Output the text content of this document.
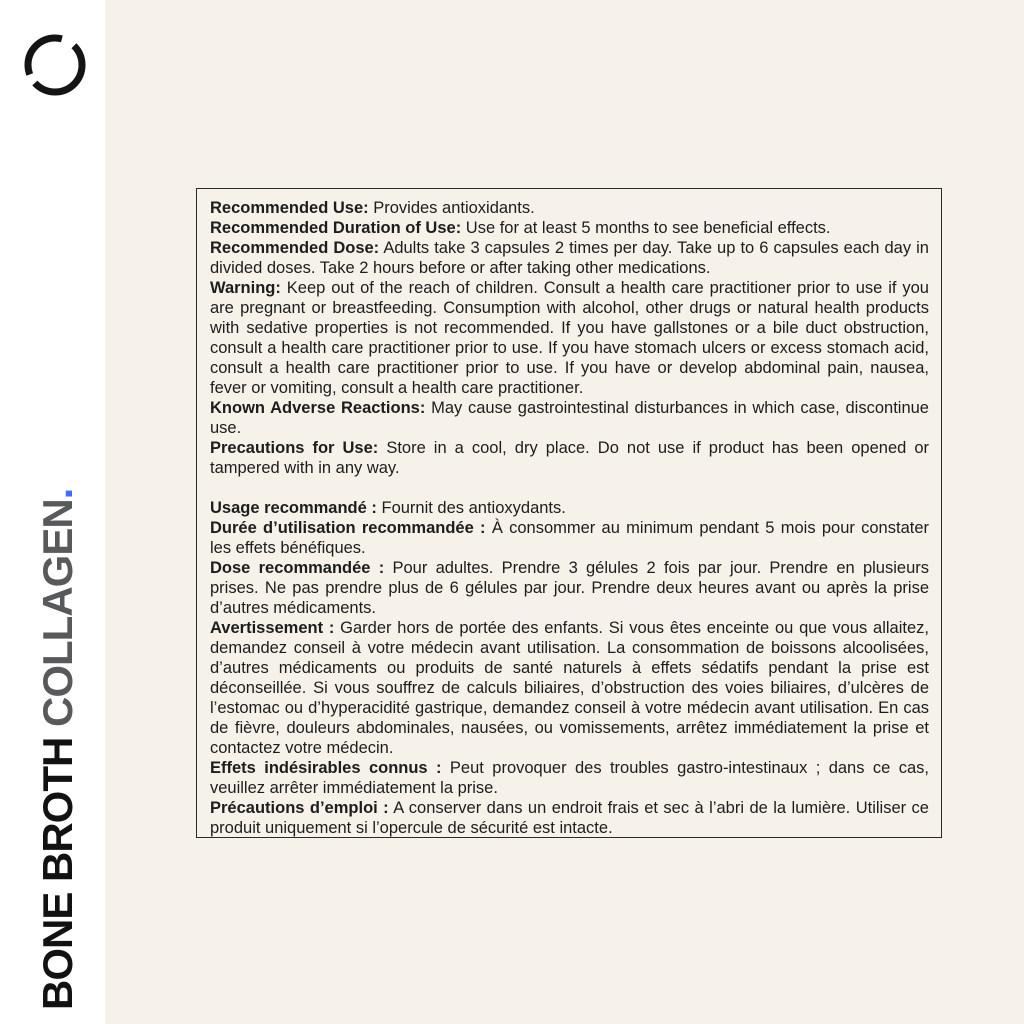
BONE BROTH COLLAGEN.

Recommended Use: Provides antioxidants.

Recommended Duration of Use: Use for at least 5 months to see beneficial effects.

Recommended Dose: Adults take 3 capsules 2 times per day. Take up to 6 capsules each day in divided doses. Take 2 hours before or after taking other medications.

Warning: Keep out of the reach of children. Consult a health care practitioner prior to use if you are pregnant or breastfeeding. Consumption with alcohol, other drugs or natural health products with sedative properties is not recommended. If you have gallstones or a bile duct obstruction, consult a health care practitioner prior to use. If you have stomach ulcers or excess stomach acid, consult a health care practitioner prior to use. If you have or develop abdominal pain, nausea, fever or vomiting, consult a health care practitioner.

Known Adverse Reactions: May cause gastrointestinal disturbances in which case, discontinue use.

Precautions for Use: Store in a cool, dry place. Do not use if product has been opened or tampered with in any way.

Usage recommandé : Fournit des antioxydants.

Durée d’utilisation recommandée : À consommer au minimum pendant 5 mois pour constater les effets bénéfiques.

Dose recommandée : Pour adultes. Prendre 3 gélules 2 fois par jour. Prendre en plusieurs prises. Ne pas prendre plus de 6 gélules par jour. Prendre deux heures avant ou après la prise d’autres médicaments.

Avertissement : Garder hors de portée des enfants. Si vous êtes enceinte ou que vous allaitez, demandez conseil à votre médecin avant utilisation. La consommation de boissons alcoolisées, d’autres médicaments ou produits de santé naturels à effets sédatifs pendant la prise est déconseillée. Si vous souffrez de calculs biliaires, d’obstruction des voies biliaires, d’ulcères de l’estomac ou d’hyperacidité gastrique, demandez conseil à votre médecin avant utilisation. En cas de fièvre, douleurs abdominales, nausées, ou vomissements, arrêtez immédiatement la prise et contactez votre médecin.

Effets indésirables connus : Peut provoquer des troubles gastro-intestinaux ; dans ce cas, veuillez arrêter immédiatement la prise.

Précautions d’emploi : A conserver dans un endroit frais et sec à l’abri de la lumière. Utiliser ce produit uniquement si l’opercule de sécurité est intacte.
